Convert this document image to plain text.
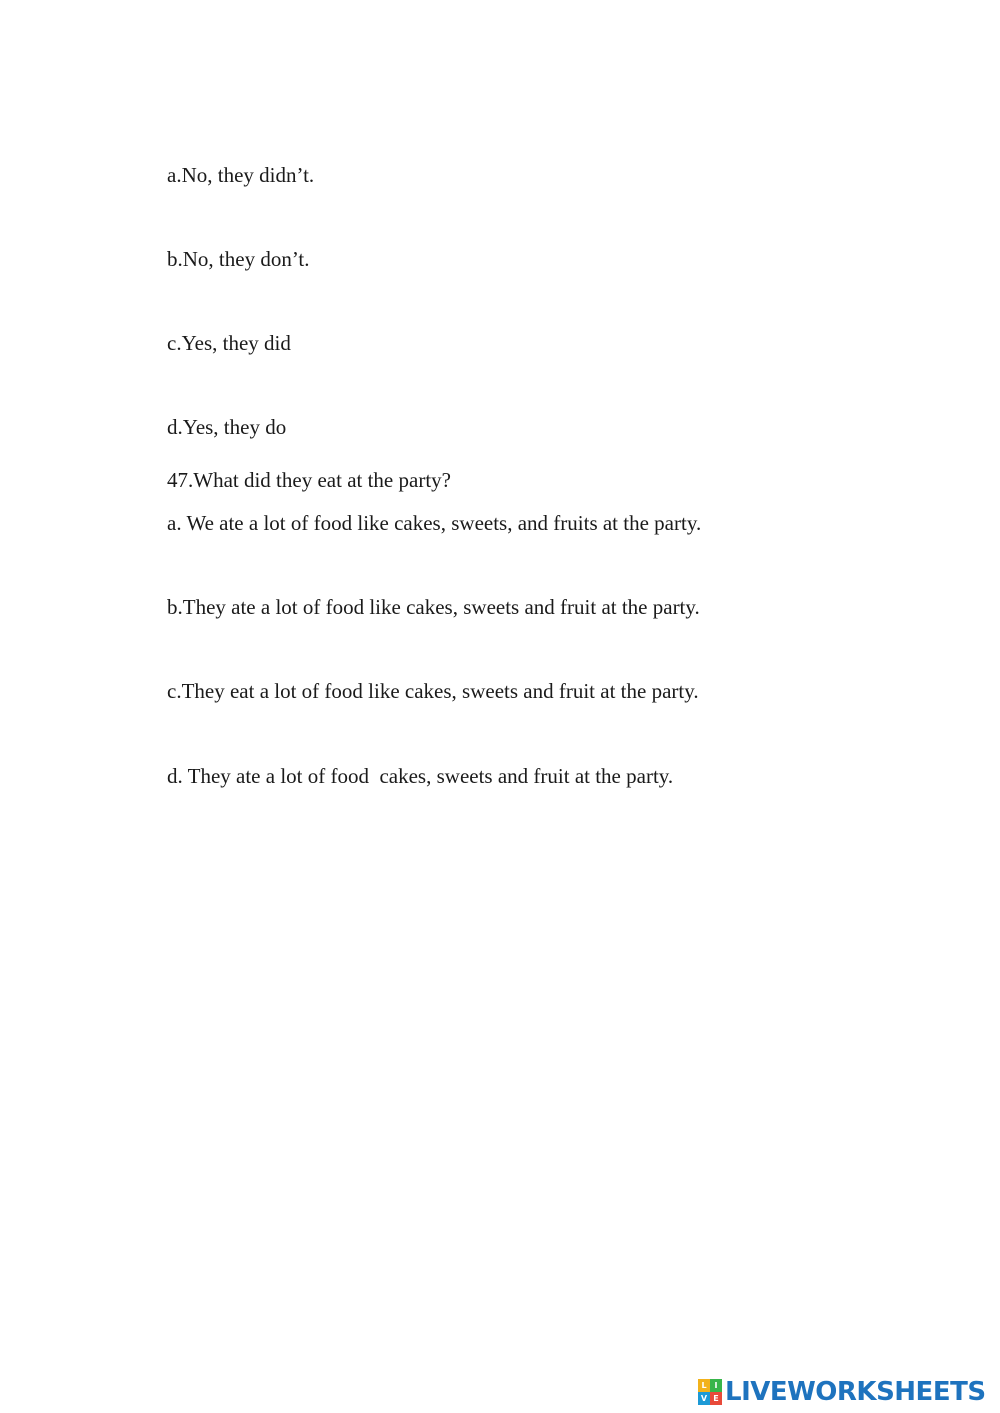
a.No, they didn’t.
b.No, they don’t.
c.Yes, they did
d.Yes, they do
47.What did they eat at the party?
a. We ate a lot of food like cakes, sweets, and fruits at the party.
b.They ate a lot of food like cakes, sweets and fruit at the party.
c.They eat a lot of food like cakes, sweets and fruit at the party.
d. They ate a lot of food  cakes, sweets and fruit at the party.
L I
V E LIVEWORKSHEETS
